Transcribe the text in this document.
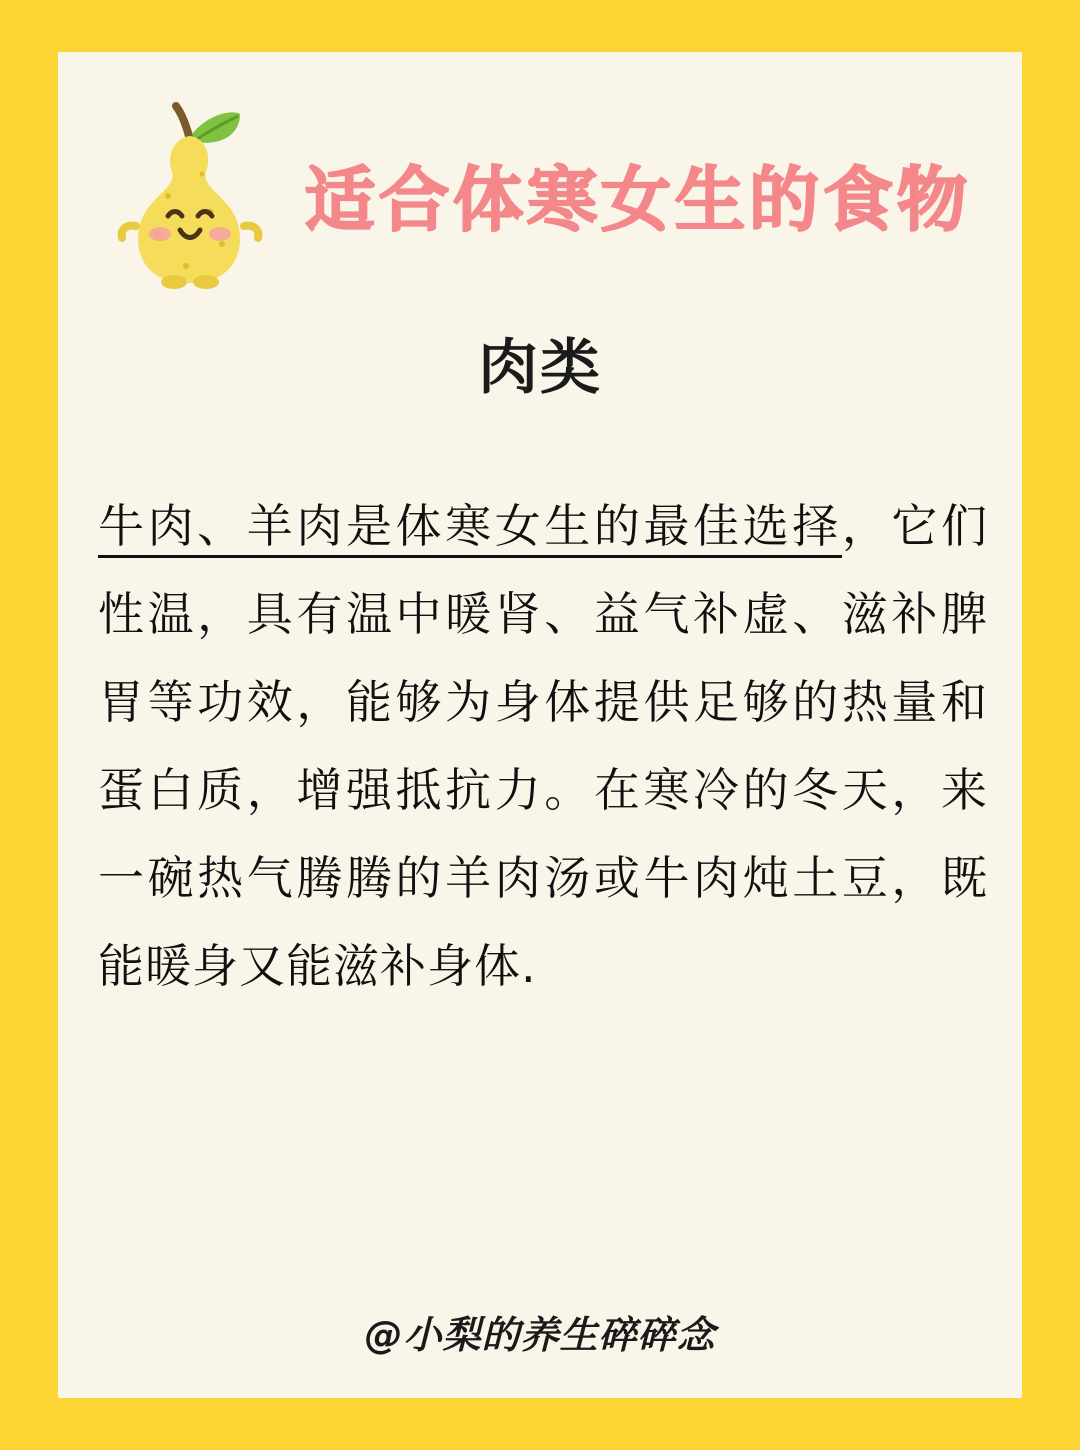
适合体寒女生的食物
肉类
牛肉、羊肉是体寒女生的最佳选择，它们性温，具有温中暖肾、益气补虚、滋补脾胃等功效，能够为身体提供足够的热量和蛋白质，增强抵抗力。在寒冷的冬天，来一碗热气腾腾的羊肉汤或牛肉炖土豆，既能暖身又能滋补身体.
@小梨的养生碎碎念
